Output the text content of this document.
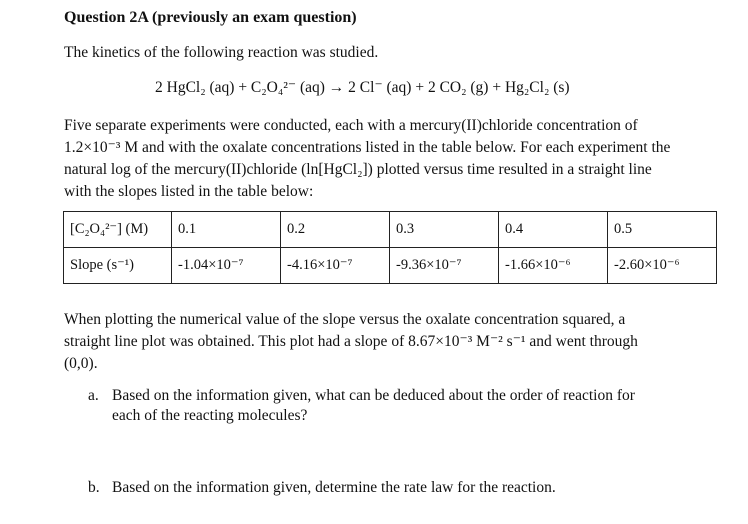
Question 2A (previously an exam question)
The kinetics of the following reaction was studied.
2 HgCl₂ (aq) + C₂O₄²⁻ (aq) → 2 Cl⁻ (aq) + 2 CO₂ (g) + Hg₂Cl₂ (s)
Five separate experiments were conducted, each with a mercury(II)chloride concentration of 1.2×10⁻³ M and with the oxalate concentrations listed in the table below. For each experiment the natural log of the mercury(II)chloride (ln[HgCl₂]) plotted versus time resulted in a straight line with the slopes listed in the table below:
[C₂O₄²⁻] (M)	0.1	0.2	0.3	0.4	0.5
Slope (s⁻¹)	-1.04×10⁻⁷	-4.16×10⁻⁷	-9.36×10⁻⁷	-1.66×10⁻⁶	-2.60×10⁻⁶
When plotting the numerical value of the slope versus the oxalate concentration squared, a straight line plot was obtained. This plot had a slope of 8.67×10⁻³ M⁻² s⁻¹ and went through (0,0).
a. Based on the information given, what can be deduced about the order of reaction for each of the reacting molecules?
b. Based on the information given, determine the rate law for the reaction.
